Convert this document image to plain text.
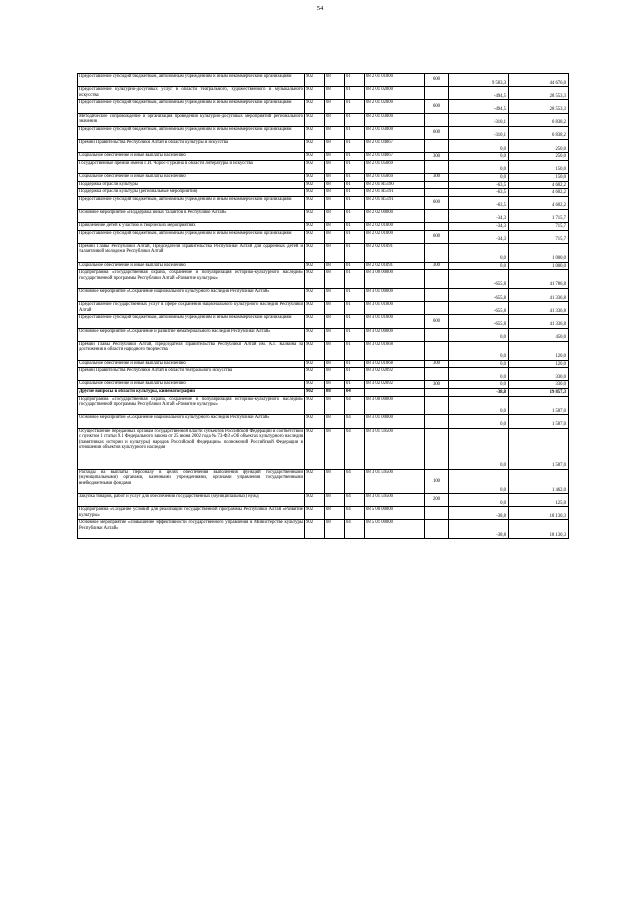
54
Предоставление субсидий бюджетным, автономным учреждениям и иным некоммерческим организациям	902	08	01	08 2 01 01000	600	9 583,3	44 676,0
Предоставление культурно-досуговых услуг в области театрального, художественного и музыкального искусства	902	08	01	08 2 01 02000		-494,5	28 553,3
Предоставление субсидий бюджетным, автономным учреждениям и иным некоммерческим организациям	902	08	01	08 2 01 02000	600	-494,5	28 553,3
Методическое сопровождение и организация проведения культурно-досуговых мероприятий регионального значения	902	08	01	08 2 01 03000		-310,1	6 838,2
Предоставление субсидий бюджетным, автономным учреждениям и иным некоммерческим организациям	902	08	01	08 2 01 03000	600	-310,1	6 838,2
Премии Правительства Республики Алтай в области культуры и искусства	902	08	01	08 2 01 04067		0,0	250,0
Социальное обеспечение и иные выплаты населению	902	08	01	08 2 01 04067	300	0,0	250,0
Государственные премии имени Г.И. Чорос-Гуркина в области литературы и искусства	902	08	01	08 2 01 05069		0,0	150,0
Социальное обеспечение и иные выплаты населению	902	08	01	08 2 01 05069	300	0,0	150,0
Поддержка отрасли культуры	902	08	01	08 2 01 R5190		-63,5	4 602,2
Поддержка отрасли культуры (региональные мероприятия)	902	08	01	08 2 01 R5191		-63,5	4 602,2
Предоставление субсидий бюджетным, автономным учреждениям и иным некоммерческим организациям	902	08	01	08 2 01 R5191	600	-63,5	4 602,2
Основное мероприятие «Поддержка юных талантов в Республике Алтай»	902	08	01	08 2 02 00000		-34,3	1 715,7
Привлечение детей к участию в творческих мероприятиях	902	08	01	08 2 02 01000		-34,3	715,7
Предоставление субсидий бюджетным, автономным учреждениям и иным некоммерческим организациям	902	08	01	08 2 02 01000	600	-34,3	715,7
Премии Главы Республики Алтай, Председателя Правительства Республики Алтай для одаренных детей и талантливой молодежи Республики Алтай	902	08	01	08 2 02 01091		0,0	1 000,0
Социальное обеспечение и иные выплаты населению	902	08	01	08 2 02 01091	300	0,0	1 000,0
Подпрограмма «Государственная охрана, сохранение и популяризация историко-культурного наследия» государственной программы Республики Алтай «Развитие культуры»	902	08	01	08 3 00 00000		-655,8	41 786,8
Основное мероприятие «Сохранение национального культурного наследия Республики Алтай»	902	08	01	08 3 01 00000		-655,8	41 336,8
Предоставление государственных услуг в сфере сохранения национального культурного наследия Республики Алтай	902	08	01	08 3 01 01000		-655,8	41 336,8
Предоставление субсидий бюджетным, автономным учреждениям и иным некоммерческим организациям	902	08	01	08 3 01 01000	600	-655,8	41 336,8
Основное мероприятие «Сохранение и развитие нематериального наследия Республики Алтай»	902	08	01	08 3 02 00000		0,0	450,0
Премии Главы Республики Алтай, Председателя Правительства Республики Алтай им. А.Г. Калкина за достижения в области народного творчества	902	08	01	08 3 02 01068		0,0	120,0
Социальное обеспечение и иные выплаты населению	902	08	01	08 3 02 01068	300	0,0	120,0
Премии Правительства Республики Алтай в области театрального искусства	902	08	01	08 3 02 02092		0,0	330,0
Социальное обеспечение и иные выплаты населению	902	08	01	08 3 02 02092	300	0,0	330,0
Другие вопросы в области культуры, кинематографии	902	08	04			-38,8	19 857,3
Подпрограмма «Государственная охрана, сохранение и популяризация историко-культурного наследия» государственной программы Республики Алтай «Развитие культуры»	902	08	04	08 3 00 00000		0,0	1 587,0
Основное мероприятие «Сохранение национального культурного наследия Республики Алтай»	902	08	04	08 3 01 00000		0,0	1 587,0
Осуществление переданных органам государственной власти субъектов Российской Федерации в соответствии с пунктом 1 статьи 9.1 Федерального закона от 25 июня 2002 года № 73-ФЗ «Об объектах культурного наследия (памятниках истории и культуры) народов Российской Федерации» полномочий Российской Федерации в отношении объектов культурного наследия	902	08	04	08 3 01 59500		0,0	1 587,0
Расходы на выплаты персоналу в целях обеспечения выполнения функций государственными (муниципальными) органами, казенными учреждениями, органами управления государственными внебюджетными фондами	902	08	04	08 3 01 59500	100	0,0	1 462,0
Закупка товаров, работ и услуг для обеспечения государственных (муниципальных) нужд	902	08	04	08 3 01 59500	200	0,0	125,0
Подпрограмма «Создание условий для реализации государственной программы Республики Алтай «Развитие культуры»	902	08	04	08 5 00 00000		-38,8	18 130,3
Основное мероприятие «Повышение эффективности государственного управления в Министерстве культуры Республики Алтай»	902	08	04	08 5 01 00000		-38,8	18 130,3
